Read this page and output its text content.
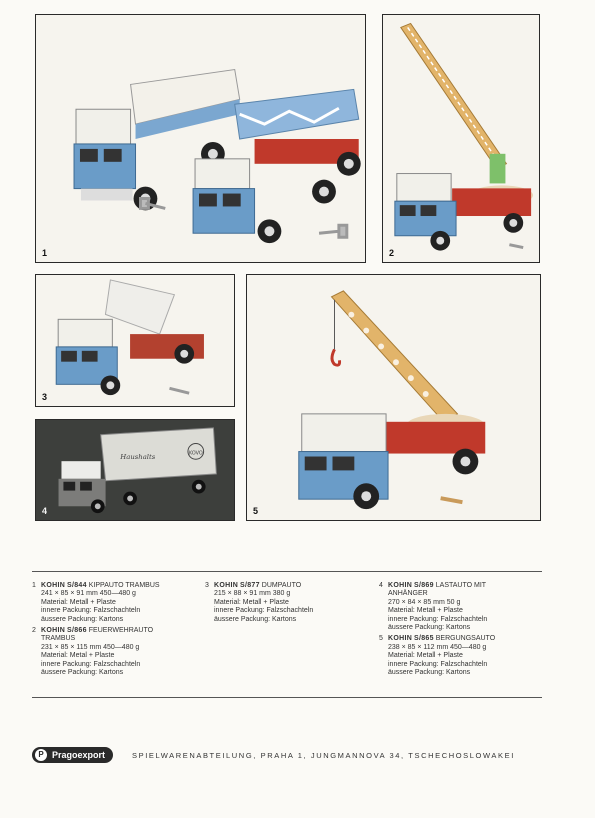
1	2
3
Haushalts	KOVO
4	5
1 KOHIN S/844 KIPPAUTO TRAMBUS
241 × 85 × 91 mm 450—480 g
Material: Metall + Plaste
innere Packung: Falzschachteln
äussere Packung: Kartons
2 KOHIN S/866 FEUERWEHRAUTO
TRAMBUS
231 × 85 × 115 mm 450—480 g
Material: Metal + Plaste
innere Packung: Falzschachteln
äussere Packung: Kartons
3 KOHIN S/877 DUMPAUTO
215 × 88 × 91 mm 380 g
Material: Metall + Plaste
innere Packung: Falzschachteln
äussere Packung: Kartons
4 KOHIN S/869 LASTAUTO MIT
ANHÄNGER
270 × 84 × 85 mm 50 g
Material: Metall + Plaste
innere Packung: Falzschachteln
äussere Packung: Kartons
5 KOHIN S/865 BERGUNGSAUTO
238 × 85 × 112 mm 450—480 g
Material: Metall + Plaste
innere Packung: Falzschachteln
äussere Packung: Kartons
P Pragoexport	SPIELWARENABTEILUNG, PRAHA 1, JUNGMANNOVA 34, TSCHECHOSLOWAKEI
